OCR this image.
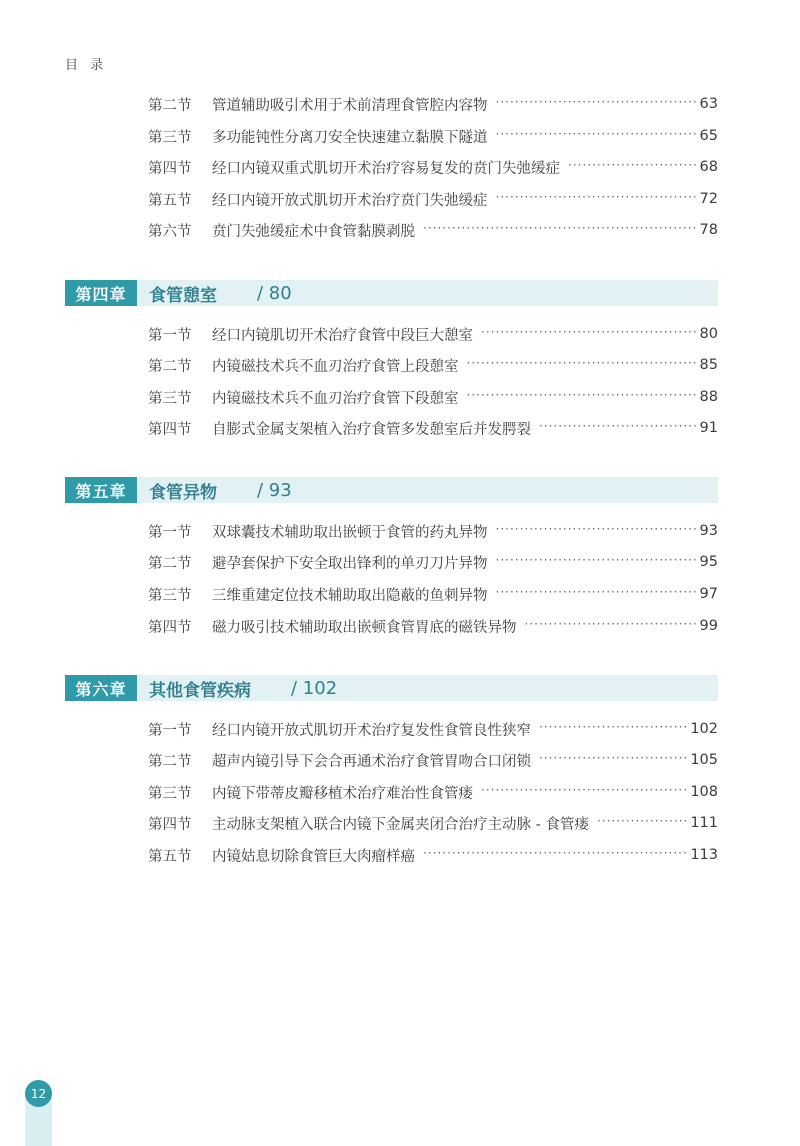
目 录
第二节	管道辅助吸引术用于术前清理食管腔内容物 ·····	63
第三节	多功能钝性分离刀安全快速建立黏膜下隧道 ·····	65
第四节	经口内镜双重式肌切开术治疗容易复发的贲门失弛缓症 ·····	68
第五节	经口内镜开放式肌切开术治疗贲门失弛缓症 ·····	72
第六节	贲门失弛缓症术中食管黏膜剥脱 ·····	78
第四章	食管憩室 / 80
第一节	经口内镜肌切开术治疗食管中段巨大憩室 ·····	80
第二节	内镜磁技术兵不血刃治疗食管上段憩室 ·····	85
第三节	内镜磁技术兵不血刃治疗食管下段憩室 ·····	88
第四节	自膨式金属支架植入治疗食管多发憩室后并发腭裂 ·····	91
第五章	食管异物 / 93
第一节	双球囊技术辅助取出嵌顿于食管的药丸异物 ·····	93
第二节	避孕套保护下安全取出锋利的单刃刀片异物 ·····	95
第三节	三维重建定位技术辅助取出隐蔽的鱼刺异物 ·····	97
第四节	磁力吸引技术辅助取出嵌顿食管胃底的磁铁异物 ·····	99
第六章	其他食管疾病 / 102
第一节	经口内镜开放式肌切开术治疗复发性食管良性狭窄 ·····	102
第二节	超声内镜引导下会合再通术治疗食管胃吻合口闭锁 ·····	105
第三节	内镜下带蒂皮瓣移植术治疗难治性食管瘘 ·····	108
第四节	主动脉支架植入联合内镜下金属夹闭合治疗主动脉 - 食管瘘 ·····	111
第五节	内镜姑息切除食管巨大肉瘤样癌 ·····	113
12
